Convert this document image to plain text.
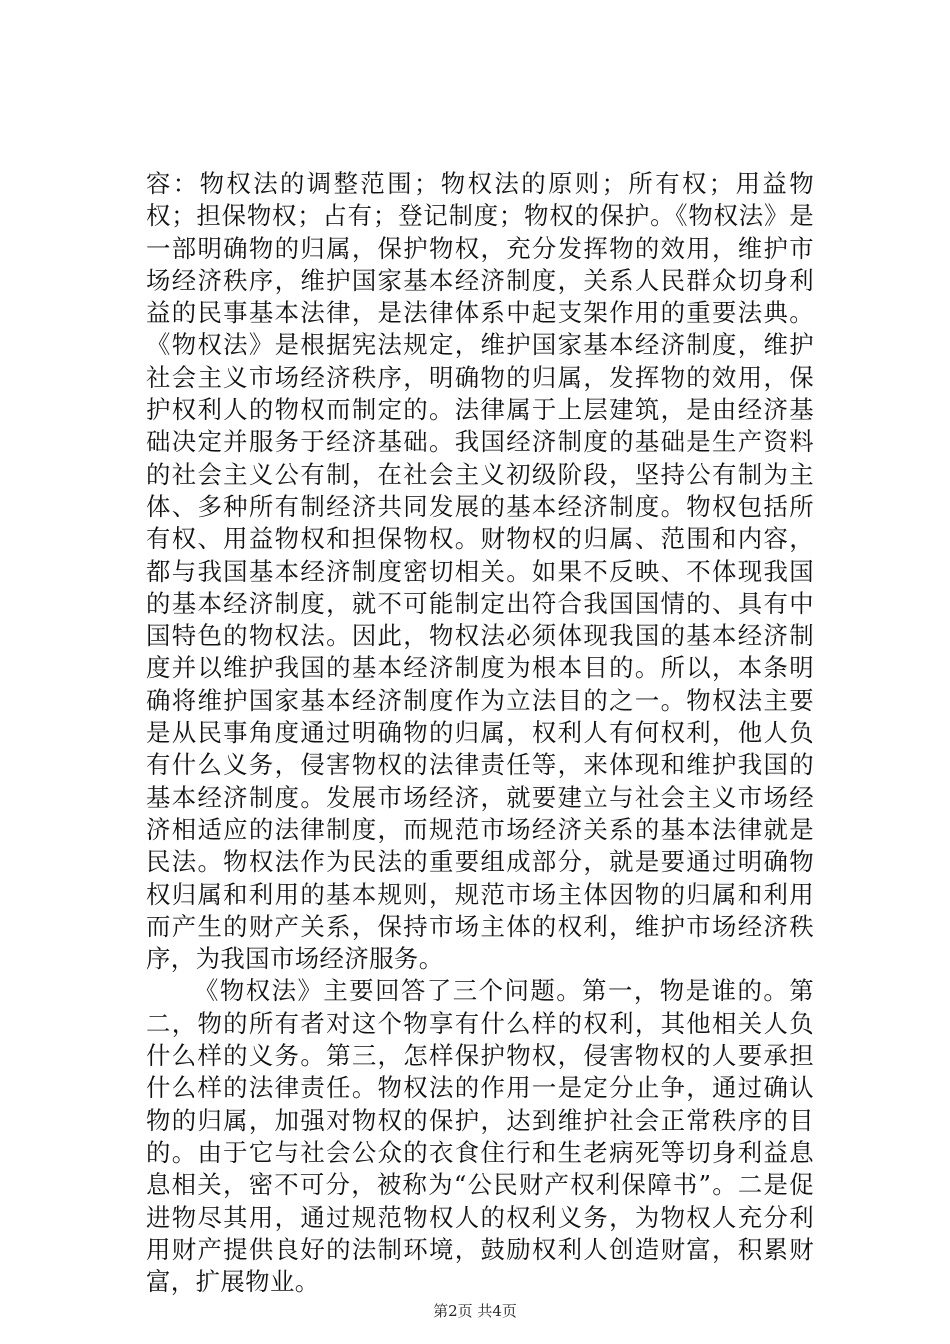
容：物权法的调整范围；物权法的原则；所有权；用益物权；担保物权；占有；登记制度；物权的保护。《物权法》是一部明确物的归属，保护物权，充分发挥物的效用，维护市场经济秩序，维护国家基本经济制度，关系人民群众切身利益的民事基本法律，是法律体系中起支架作用的重要法典。《物权法》是根据宪法规定，维护国家基本经济制度，维护社会主义市场经济秩序，明确物的归属，发挥物的效用，保护权利人的物权而制定的。法律属于上层建筑，是由经济基础决定并服务于经济基础。我国经济制度的基础是生产资料的社会主义公有制，在社会主义初级阶段，坚持公有制为主体、多种所有制经济共同发展的基本经济制度。物权包括所有权、用益物权和担保物权。财物权的归属、范围和内容，都与我国基本经济制度密切相关。如果不反映、不体现我国的基本经济制度，就不可能制定出符合我国国情的、具有中国特色的物权法。因此，物权法必须体现我国的基本经济制度并以维护我国的基本经济制度为根本目的。所以，本条明确将维护国家基本经济制度作为立法目的之一。物权法主要是从民事角度通过明确物的归属，权利人有何权利，他人负有什么义务，侵害物权的法律责任等，来体现和维护我国的基本经济制度。发展市场经济，就要建立与社会主义市场经济相适应的法律制度，而规范市场经济关系的基本法律就是民法。物权法作为民法的重要组成部分，就是要通过明确物权归属和利用的基本规则，规范市场主体因物的归属和利用而产生的财产关系，保持市场主体的权利，维护市场经济秩序，为我国市场经济服务。

《物权法》主要回答了三个问题。第一，物是谁的。第二，物的所有者对这个物享有什么样的权利，其他相关人负什么样的义务。第三，怎样保护物权，侵害物权的人要承担什么样的法律责任。物权法的作用一是定分止争，通过确认物的归属，加强对物权的保护，达到维护社会正常秩序的目的。由于它与社会公众的衣食住行和生老病死等切身利益息息相关，密不可分，被称为“公民财产权利保障书”。二是促进物尽其用，通过规范物权人的权利义务，为物权人充分利用财产提供良好的法制环境，鼓励权利人创造财富，积累财富，扩展物业。

第2页 共4页
